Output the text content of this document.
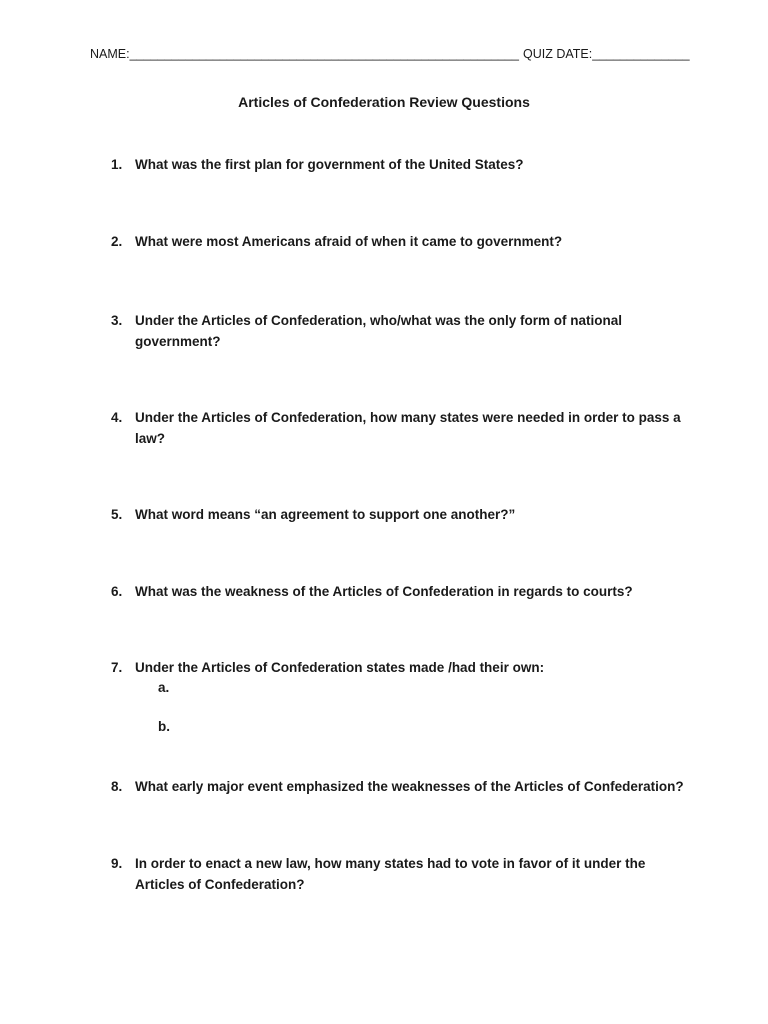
NAME:________________________________________________________ QUIZ DATE:______________
Articles of Confederation Review Questions
1. What was the first plan for government of the United States?
2. What were most Americans afraid of when it came to government?
3. Under the Articles of Confederation, who/what was the only form of national government?
4. Under the Articles of Confederation, how many states were needed in order to pass a law?
5. What word means “an agreement to support one another?”
6. What was the weakness of the Articles of Confederation in regards to courts?
7. Under the Articles of Confederation states made /had their own:
a.
b.
8. What early major event emphasized the weaknesses of the Articles of Confederation?
9. In order to enact a new law, how many states had to vote in favor of it under the Articles of Confederation?
